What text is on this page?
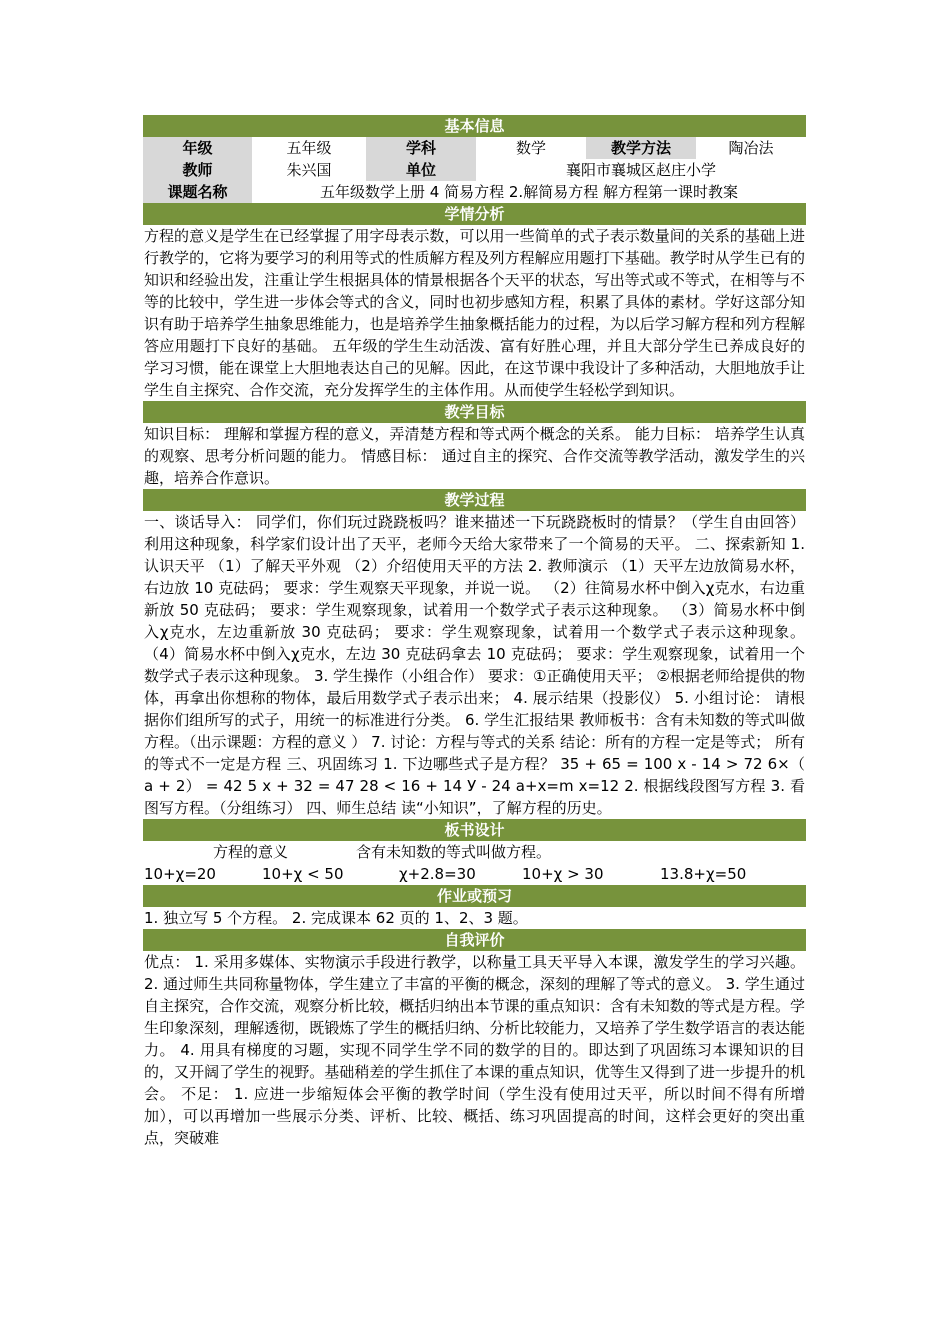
基本信息
年级	五年级	学科	数学	教学方法	陶冶法
教师	朱兴国	单位	襄阳市襄城区赵庄小学
课题名称	五年级数学上册 4 简易方程 2.解简易方程 解方程第一课时教案
学情分析
方程的意义是学生在已经掌握了用字母表示数，可以用一些简单的式子表示数量间的关系的基础上进行教学的，它将为要学习的利用等式的性质解方程及列方程解应用题打下基础。教学时从学生已有的知识和经验出发，注重让学生根据具体的情景根据各个天平的状态，写出等式或不等式，在相等与不等的比较中，学生进一步体会等式的含义，同时也初步感知方程，积累了具体的素材。学好这部分知识有助于培养学生抽象思维能力，也是培养学生抽象概括能力的过程，为以后学习解方程和列方程解答应用题打下良好的基础。 五年级的学生生动活泼、富有好胜心理，并且大部分学生已养成良好的学习习惯，能在课堂上大胆地表达自己的见解。因此，在这节课中我设计了多种活动，大胆地放手让学生自主探究、合作交流，充分发挥学生的主体作用。从而使学生轻松学到知识。
教学目标
知识目标： 理解和掌握方程的意义，弄清楚方程和等式两个概念的关系。 能力目标： 培养学生认真的观察、思考分析问题的能力。 情感目标： 通过自主的探究、合作交流等教学活动，激发学生的兴趣，培养合作意识。
教学过程
一、谈话导入： 同学们，你们玩过跷跷板吗？谁来描述一下玩跷跷板时的情景？（学生自由回答） 利用这种现象，科学家们设计出了天平，老师今天给大家带来了一个简易的天平。 二、探索新知 1. 认识天平 （1）了解天平外观 （2）介绍使用天平的方法 2. 教师演示 （1）天平左边放简易水杯，右边放 10 克砝码； 要求：学生观察天平现象，并说一说。 （2）往简易水杯中倒入χ克水，右边重新放 50 克砝码； 要求：学生观察现象，试着用一个数学式子表示这种现象。 （3）简易水杯中倒入χ克水，左边重新放 30 克砝码； 要求：学生观察现象，试着用一个数学式子表示这种现象。 （4）简易水杯中倒入χ克水，左边 30 克砝码拿去 10 克砝码； 要求：学生观察现象，试着用一个数学式子表示这种现象。 3. 学生操作（小组合作） 要求：①正确使用天平； ②根据老师给提供的物体，再拿出你想称的物体，最后用数学式子表示出来； 4. 展示结果（投影仪） 5. 小组讨论： 请根据你们组所写的式子，用统一的标准进行分类。 6. 学生汇报结果 教师板书：含有未知数的等式叫做方程。（出示课题：方程的意义 ） 7. 讨论：方程与等式的关系 结论：所有的方程一定是等式； 所有的等式不一定是方程 三、巩固练习 1. 下边哪些式子是方程？ 35 + 65 = 100 x - 14 > 72 6×（ a + 2） = 42 5 x + 32 = 47 28 < 16 + 14 У - 24 a+x=m x=12 2. 根据线段图写方程 3. 看图写方程。（分组练习） 四、师生总结 读“小知识”，了解方程的历史。
板书设计
方程的意义	含有未知数的等式叫做方程。
10+χ=20	10+χ < 50	χ+2.8=30	10+χ > 30	13.8+χ=50
作业或预习
1. 独立写 5 个方程。 2. 完成课本 62 页的 1、2、3 题。
自我评价
优点： 1. 采用多媒体、实物演示手段进行教学，以称量工具天平导入本课，激发学生的学习兴趣。2. 通过师生共同称量物体，学生建立了丰富的平衡的概念，深刻的理解了等式的意义。 3. 学生通过自主探究，合作交流，观察分析比较，概括归纳出本节课的重点知识：含有未知数的等式是方程。学生印象深刻，理解透彻，既锻炼了学生的概括归纳、分析比较能力，又培养了学生数学语言的表达能力。 4. 用具有梯度的习题，实现不同学生学不同的数学的目的。即达到了巩固练习本课知识的目的，又开阔了学生的视野。基础稍差的学生抓住了本课的重点知识，优等生又得到了进一步提升的机会。 不足： 1. 应进一步缩短体会平衡的教学时间（学生没有使用过天平，所以时间不得有所增加），可以再增加一些展示分类、评析、比较、概括、练习巩固提高的时间，这样会更好的突出重点，突破难
